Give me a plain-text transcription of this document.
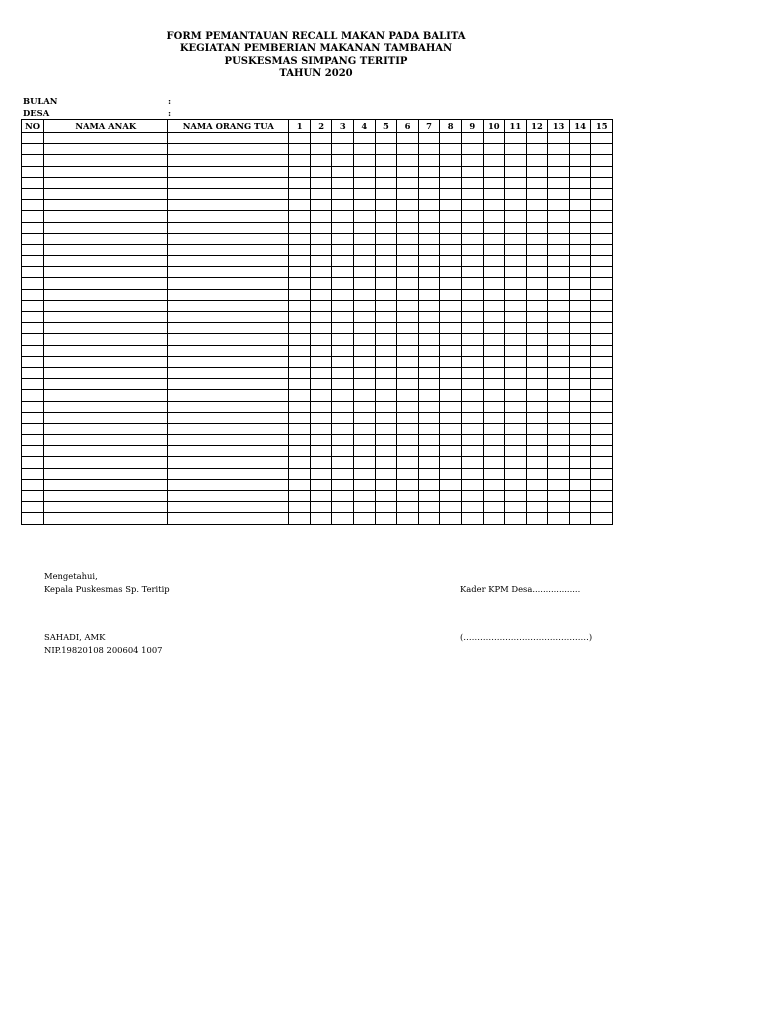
FORM PEMANTAUAN RECALL MAKAN PADA BALITA
KEGIATAN PEMBERIAN MAKANAN TAMBAHAN
PUSKESMAS SIMPANG TERITIP
TAHUN 2020
BULAN	:
DESA	:
NO	NAMA ANAK	NAMA ORANG TUA	1	2	3	4	5	6	7	8	9	10	11	12	13	14	15

Mengetahui,
Kepala Puskesmas Sp. Teritip	Kader KPM Desa..................
SAHADI, AMK
NIP.19820108 200604 1007
(………………………………………)
